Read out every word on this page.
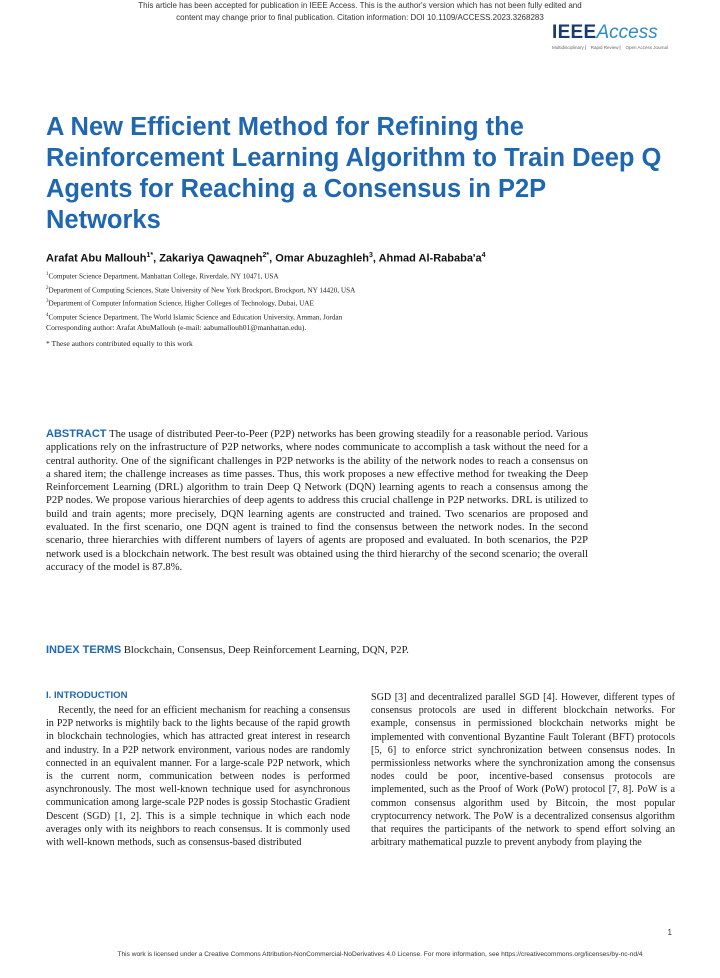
This article has been accepted for publication in IEEE Access. This is the author's version which has not been fully edited and
content may change prior to final publication. Citation information: DOI 10.1109/ACCESS.2023.3268283
IEEEAccess
Multidisciplinary ⎸ Rapid Review ⎸ Open Access Journal
A New Efficient Method for Refining the Reinforcement Learning Algorithm to Train Deep Q Agents for Reaching a Consensus in P2P Networks
Arafat Abu Mallouh$^{1*}$, Zakariya Qawaqneh$^{2*}$, Omar Abuzaghleh$^3$, Ahmad $Al-Rababa'a^4$
$^1$Computer Science Department, Manhattan College, Riverdale, NY 10471, USA
$^2$Department of Computing Sciences, State University of New York Brockport, Brockport, NY 14420, USA
$^3$Department of Computer Information Science, Higher Colleges of Technology, Dubai, UAE
$^4$Computer Science Department, The World Islamic Science and Education University, Amman, Jordan
Corresponding author: Arafat AbuMallouh (e-mail: aabumallouh01@manhattan.edu).
* These authors contributed equally to this work

ABSTRACT The usage of distributed Peer-to-Peer (P2P) networks has been growing steadily for a reasonable period. Various applications rely on the infrastructure of P2P networks, where nodes communicate to accomplish a task without the need for a central authority. One of the significant challenges in P2P networks is the ability of the network nodes to reach a consensus on a shared item; the challenge increases as time passes. Thus, this work proposes a new effective method for tweaking the Deep Reinforcement Learning (DRL) algorithm to train Deep Q Network (DQN) learning agents to reach a consensus among the P2P nodes. We propose various hierarchies of deep agents to address this crucial challenge in P2P networks. DRL is utilized to build and train agents; more precisely, DQN learning agents are constructed and trained. Two scenarios are proposed and evaluated. In the first scenario, one DQN agent is trained to find the consensus between the network nodes. In the second scenario, three hierarchies with different numbers of layers of agents are proposed and evaluated. In both scenarios, the P2P network used is a blockchain network. The best result was obtained using the third hierarchy of the second scenario; the overall accuracy of the model is 87.8%.

INDEX TERMS Blockchain, Consensus, Deep Reinforcement Learning, DQN, P2P.
I. INTRODUCTION

Recently, the need for an efficient mechanism for reaching a consensus in P2P networks is mightily back to the lights because of the rapid growth in blockchain technologies, which has attracted great interest in research and industry. In a P2P network environment, various nodes are randomly connected in an equivalent manner. For a large-scale P2P network, which is the current norm, communication between nodes is performed asynchronously. The most well-known technique used for asynchronous communication among large-scale P2P nodes is gossip Stochastic Gradient Descent (SGD) [1, 2]. This is a simple technique in which each node averages only with its neighbors to reach consensus. It is commonly used with well-known methods, such as consensus-based distributed

SGD [3] and decentralized parallel SGD [4]. However, different types of consensus protocols are used in different blockchain networks. For example, consensus in permissioned blockchain networks might be implemented with conventional Byzantine Fault Tolerant (BFT) protocols [5, 6] to enforce strict synchronization between consensus nodes. In permissionless networks where the synchronization among the consensus nodes could be poor, incentive-based consensus protocols are implemented, such as the Proof of Work (PoW) protocol [7, 8]. PoW is a common consensus algorithm used by Bitcoin, the most popular cryptocurrency network. The PoW is a decentralized consensus algorithm that requires the participants of the network to spend effort solving an arbitrary mathematical puzzle to prevent anybody from playing the

1
This work is licensed under a Creative Commons Attribution-NonCommercial-NoDerivatives 4.0 License. For more information, see https://creativecommons.org/licenses/by-nc-nd/4
